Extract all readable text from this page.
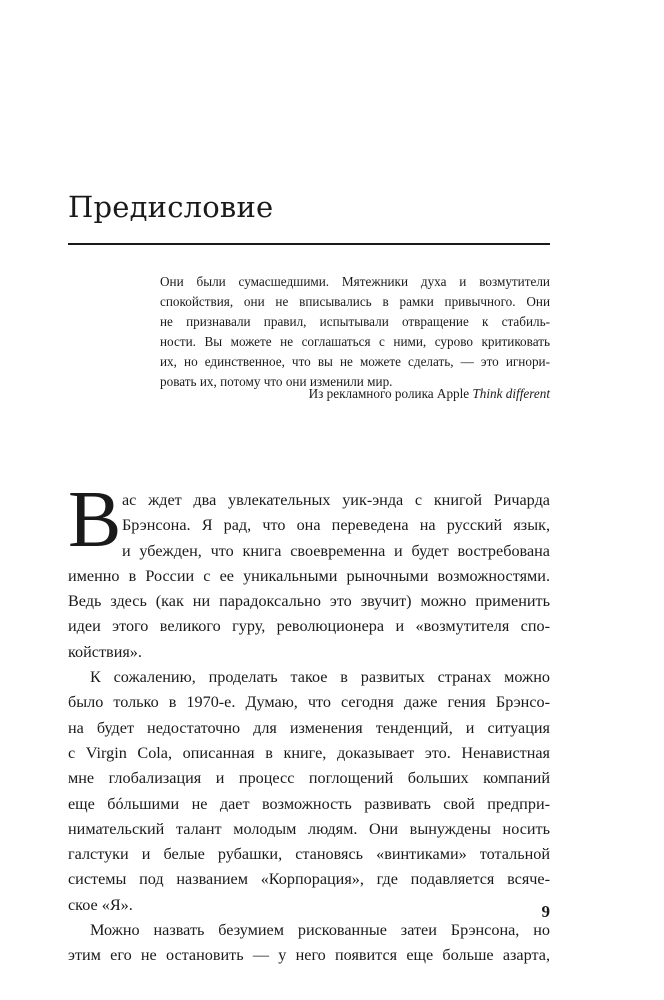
Предисловие
Они были сумасшедшими. Мятежники духа и возмутители
спокойствия, они не вписывались в рамки привычного. Они
не признавали правил, испытывали отвращение к стабиль-
ности. Вы можете не соглашаться с ними, сурово критиковать
их, но единственное, что вы не можете сделать, — это игнори-
ровать их, потому что они изменили мир.
Из рекламного ролика Apple Think different
В ас ждет два увлекательных уик-энда с книгой Ричарда
Брэнсона. Я рад, что она переведена на русский язык,
и убежден, что книга своевременна и будет востребована
именно в России с ее уникальными рыночными возможностями.
Ведь здесь (как ни парадоксально это звучит) можно применить
идеи этого великого гуру, революционера и «возмутителя спо-
койствия».
К сожалению, проделать такое в развитых странах можно
было только в 1970-е. Думаю, что сегодня даже гения Брэнсо-
на будет недостаточно для изменения тенденций, и ситуация
с Virgin Cola, описанная в книге, доказывает это. Ненавистная
мне глобализация и процесс поглощений больших компаний
еще бóльшими не дает возможность развивать свой предпри-
нимательский талант молодым людям. Они вынуждены носить
галстуки и белые рубашки, становясь «винтиками» тотальной
системы под названием «Корпорация», где подавляется всяче-
ское «Я».
Можно назвать безумием рискованные затеи Брэнсона, но
этим его не остановить — у него появится еще больше азарта,
9
